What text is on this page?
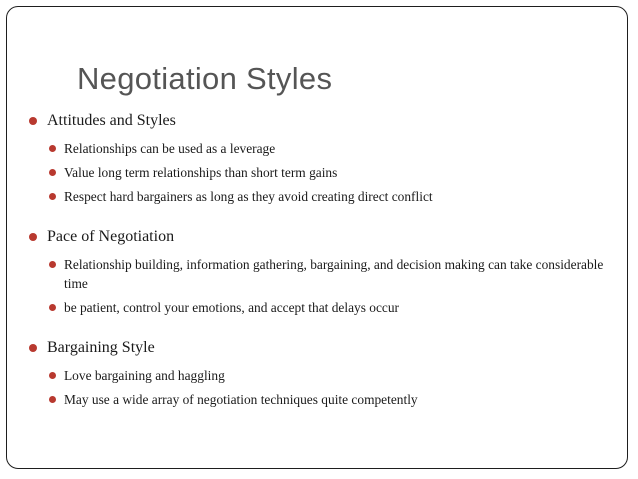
Negotiation Styles
Attitudes and Styles
Relationships can be used as a leverage
Value long term relationships than short term gains
Respect hard bargainers as long as they avoid creating direct conflict
Pace of Negotiation
Relationship building, information gathering, bargaining, and decision making can take considerable time
be patient, control your emotions, and accept that delays occur
Bargaining Style
Love bargaining and haggling
May use a wide array of negotiation techniques quite competently
